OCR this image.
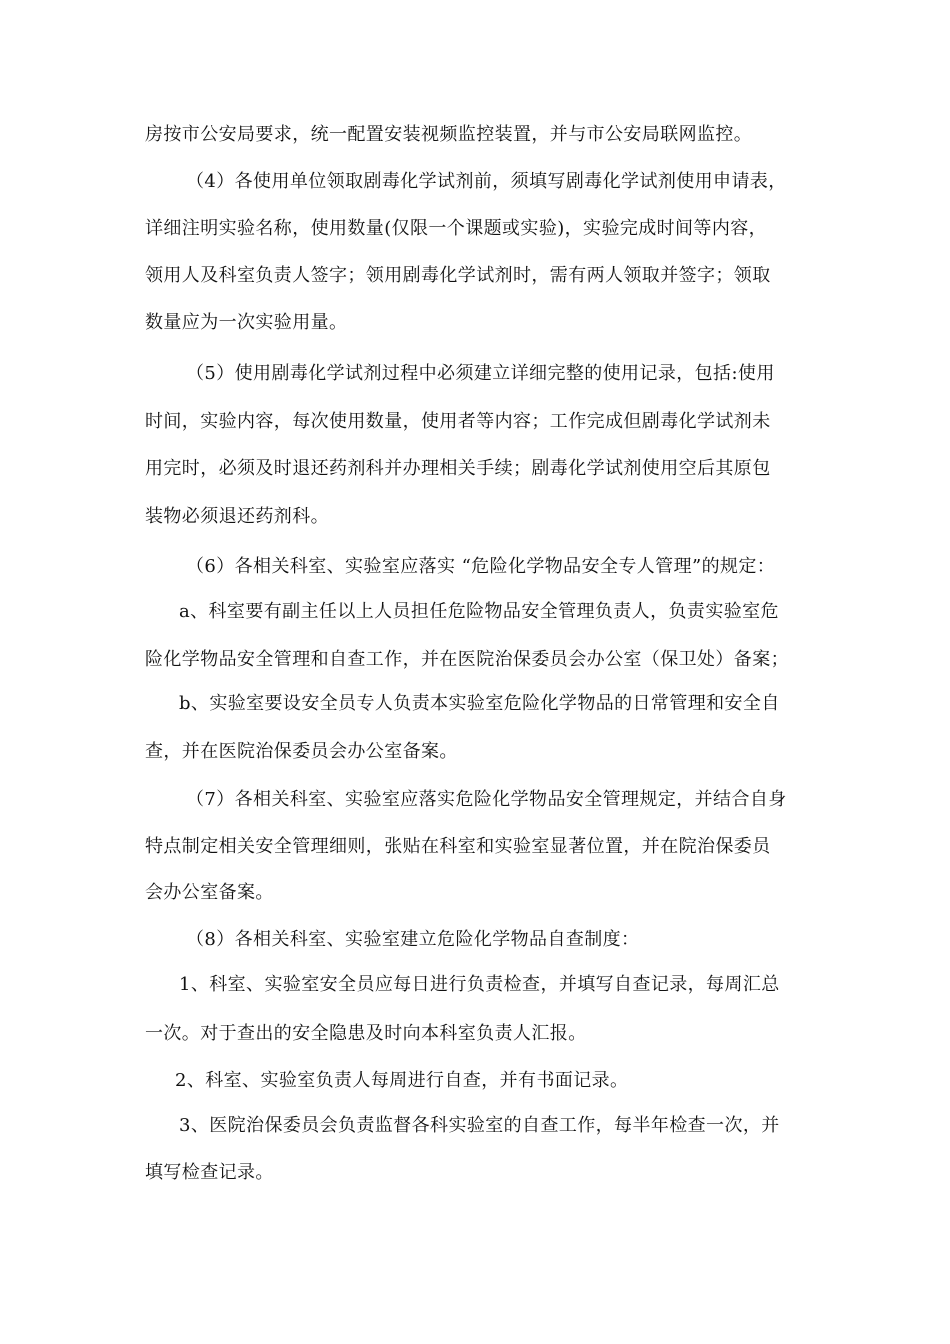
房按市公安局要求，统一配置安装视频监控装置，并与市公安局联网监控。
（4）各使用单位领取剧毒化学试剂前，须填写剧毒化学试剂使用申请表，
详细注明实验名称，使用数量(仅限一个课题或实验)，实验完成时间等内容，
领用人及科室负责人签字；领用剧毒化学试剂时，需有两人领取并签字；领取
数量应为一次实验用量。
（5）使用剧毒化学试剂过程中必须建立详细完整的使用记录，包括:使用
时间，实验内容，每次使用数量，使用者等内容；工作完成但剧毒化学试剂未
用完时，必须及时退还药剂科并办理相关手续；剧毒化学试剂使用空后其原包
装物必须退还药剂科。
（6）各相关科室、实验室应落实 “危险化学物品安全专人管理”的规定：
a、科室要有副主任以上人员担任危险物品安全管理负责人，负责实验室危
险化学物品安全管理和自查工作，并在医院治保委员会办公室（保卫处）备案；
b、实验室要设安全员专人负责本实验室危险化学物品的日常管理和安全自
查，并在医院治保委员会办公室备案。
（7）各相关科室、实验室应落实危险化学物品安全管理规定，并结合自身
特点制定相关安全管理细则，张贴在科室和实验室显著位置，并在院治保委员
会办公室备案。
（8）各相关科室、实验室建立危险化学物品自查制度：
1、科室、实验室安全员应每日进行负责检查，并填写自查记录，每周汇总
一次。对于查出的安全隐患及时向本科室负责人汇报。
2、科室、实验室负责人每周进行自查，并有书面记录。
3、医院治保委员会负责监督各科实验室的自查工作，每半年检查一次，并
填写检查记录。
